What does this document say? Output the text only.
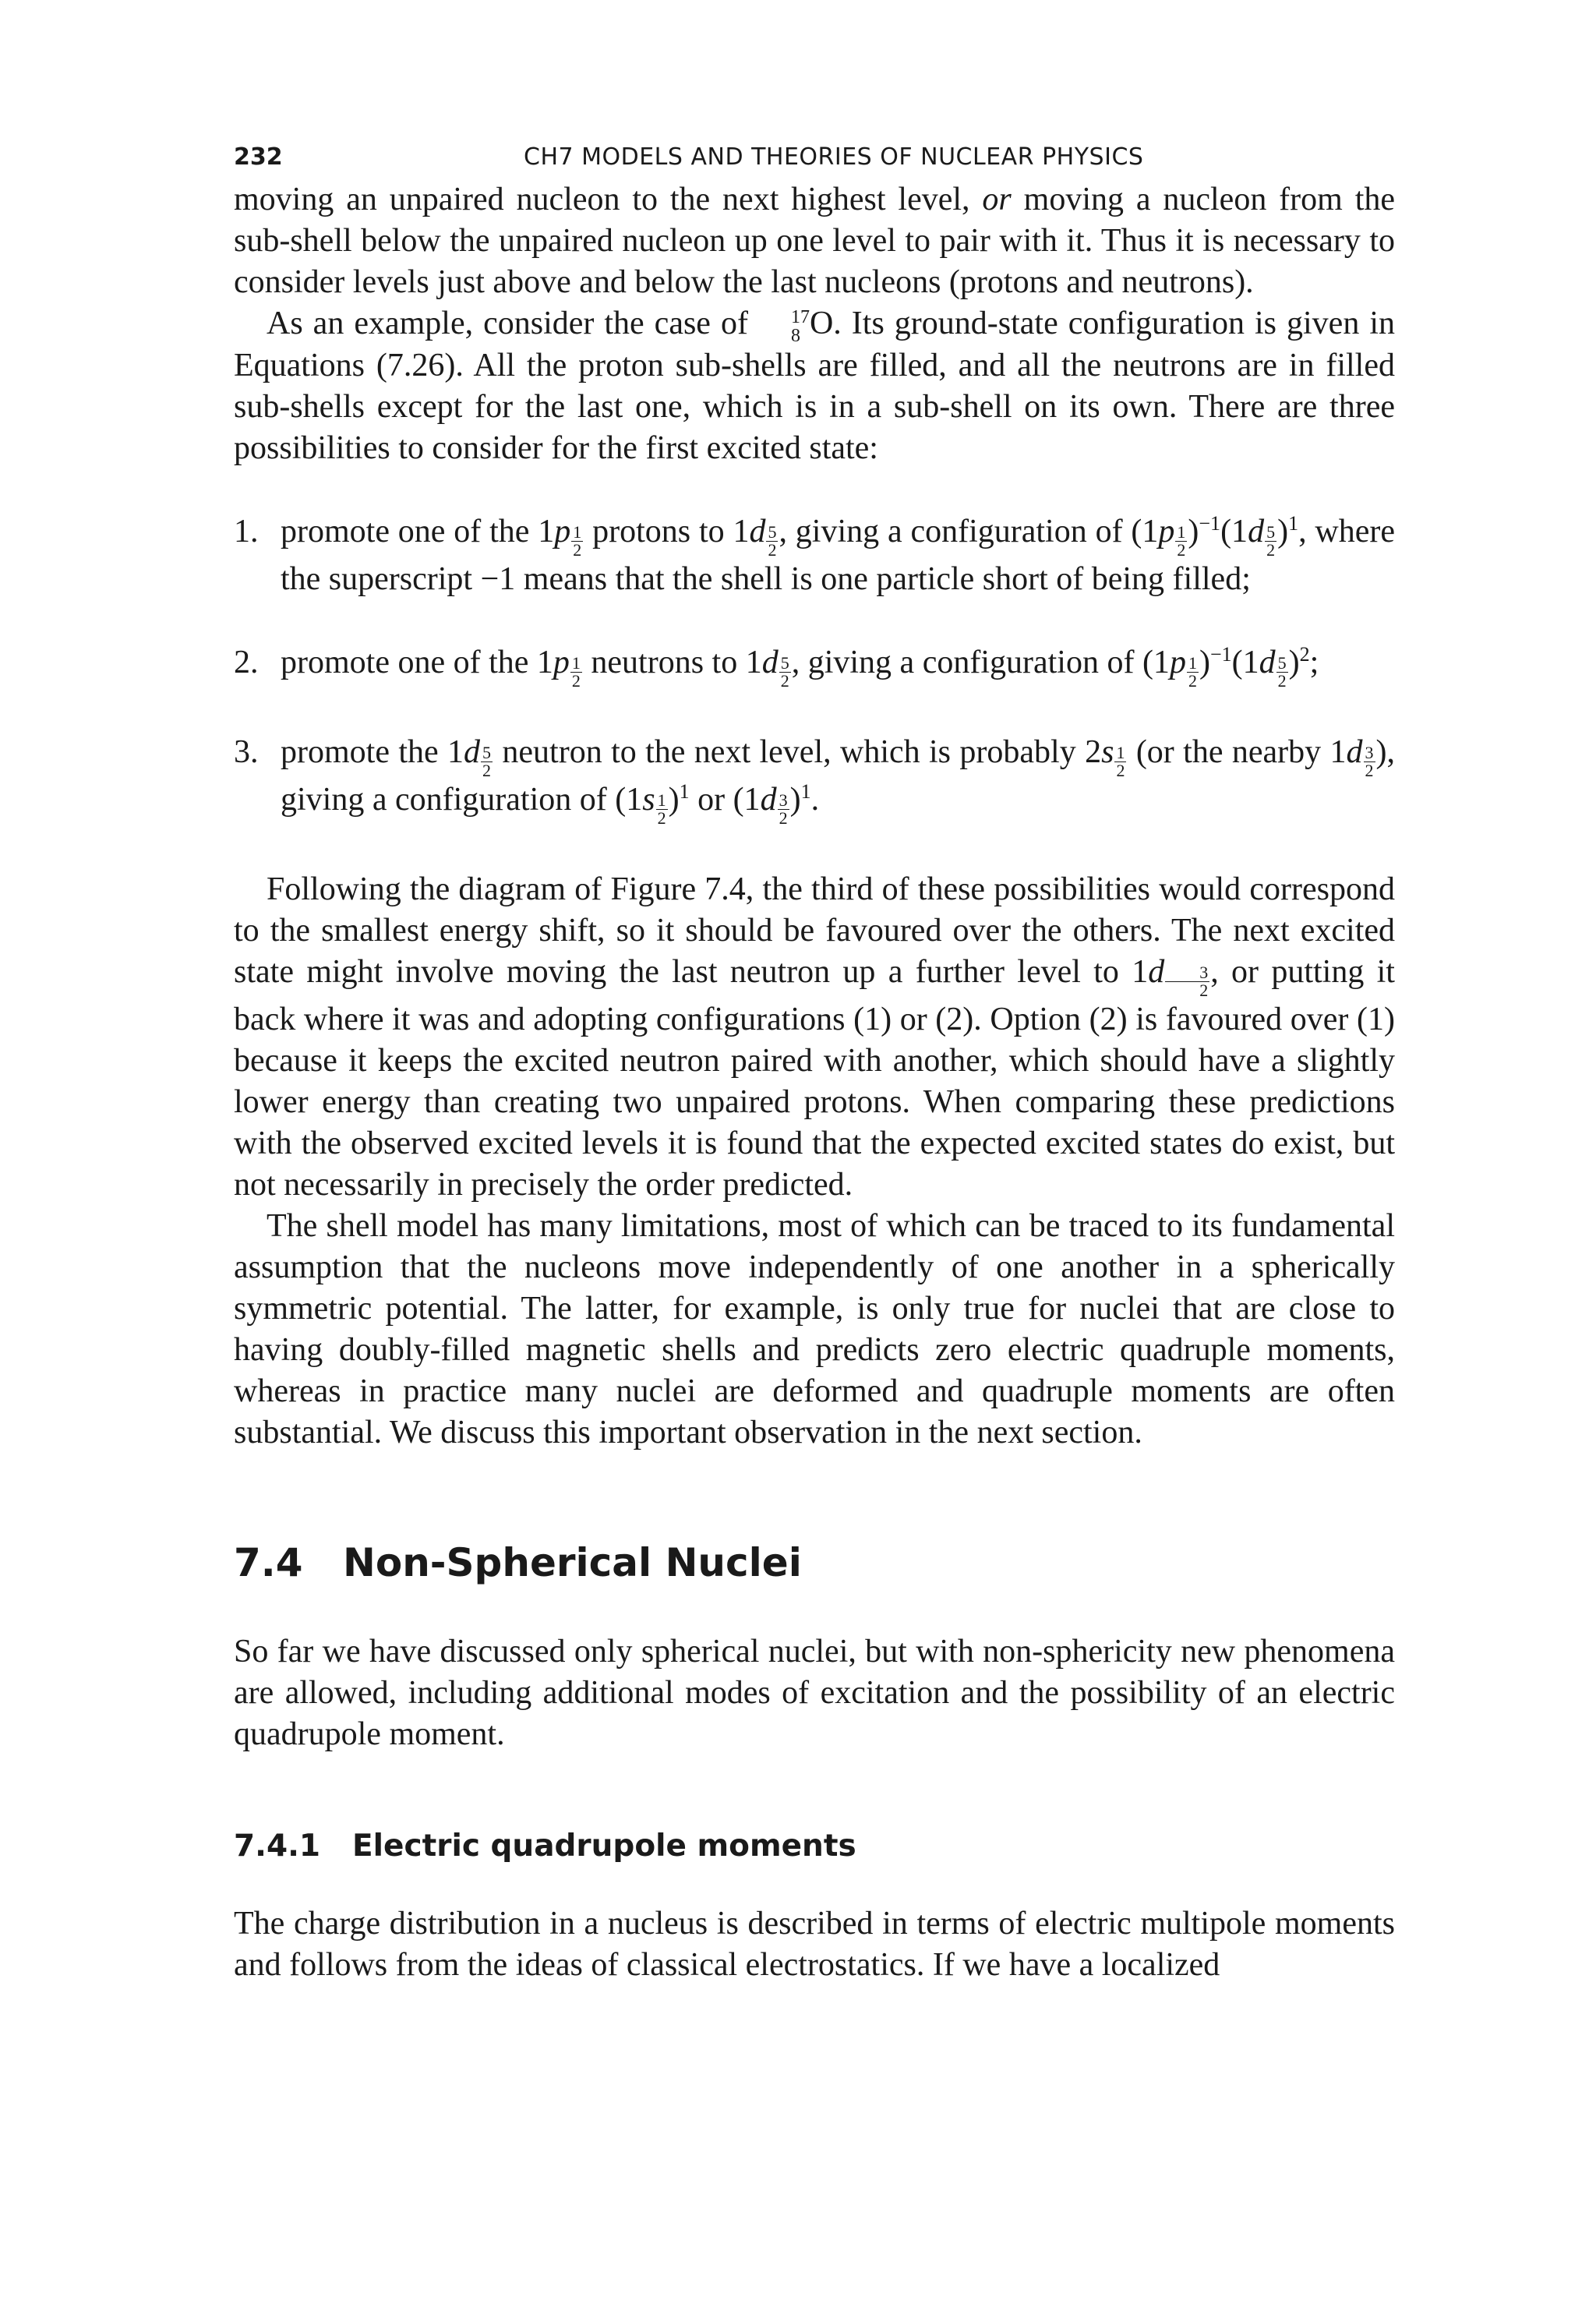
232	CH7 MODELS AND THEORIES OF NUCLEAR PHYSICS

moving an unpaired nucleon to the next highest level, or moving a nucleon from the sub-shell below the unpaired nucleon up one level to pair with it. Thus it is necessary to consider levels just above and below the last nucleons (protons and neutrons).

As an example, consider the case of	17
8 O. Its ground-state configuration is given in Equations (7.26). All the proton sub-shells are filled, and all the neutrons are in filled sub-shells except for the last one, which is in a sub-shell on its own. There are three possibilities to consider for the first excited state:

1. promote one of the $1p \frac{1}{2}$ protons to $1d \frac{5}{2}$ , giving a configuration of $(1p \frac{1}{2} )^{-1}(1d \frac{5}{2} )^1$, where the superscript −1 means that the shell is one particle short of being filled;

2. promote one of the $1p \frac{1}{2}$ neutrons to $1d \frac{5}{2}$ , giving a configuration of $(1p \frac{1}{2} )^{-1}(1d \frac{5}{2} )^2$;

3. promote the $1d \frac{5}{2}$ neutron to the next level, which is probably $2s \frac{1}{2} (or$ the nearby $1d \frac{3}{2}$ ), giving a configuration of $(1s \frac{1}{2} )^1$ or $(1d \frac{3}{2} )^1$.

Following the diagram of Figure 7.4, the third of these possibilities would correspond to the smallest energy shift, so it should be favoured over the others. The next excited state might involve moving the last neutron up a further level to $1d \frac{3}{2}$ , or putting it back where it was and adopting configurations (1) or (2). Option (2) is favoured over (1) because it keeps the excited neutron paired with another, which should have a slightly lower energy than creating two unpaired protons. When comparing these predictions with the observed excited levels it is found that the expected excited states do exist, but not necessarily in precisely the order predicted.

The shell model has many limitations, most of which can be traced to its fundamental assumption that the nucleons move independently of one another in a spherically symmetric potential. The latter, for example, is only true for nuclei that are close to having doubly-filled magnetic shells and predicts zero electric quadruple moments, whereas in practice many nuclei are deformed and quadruple moments are often substantial. We discuss this important observation in the next section.

7.4 Non-Spherical Nuclei

So far we have discussed only spherical nuclei, but with non-sphericity new phenomena are allowed, including additional modes of excitation and the possibility of an electric quadrupole moment.

7.4.1 Electric quadrupole moments

The charge distribution in a nucleus is described in terms of electric multipole moments and follows from the ideas of classical electrostatics. If we have a localized
